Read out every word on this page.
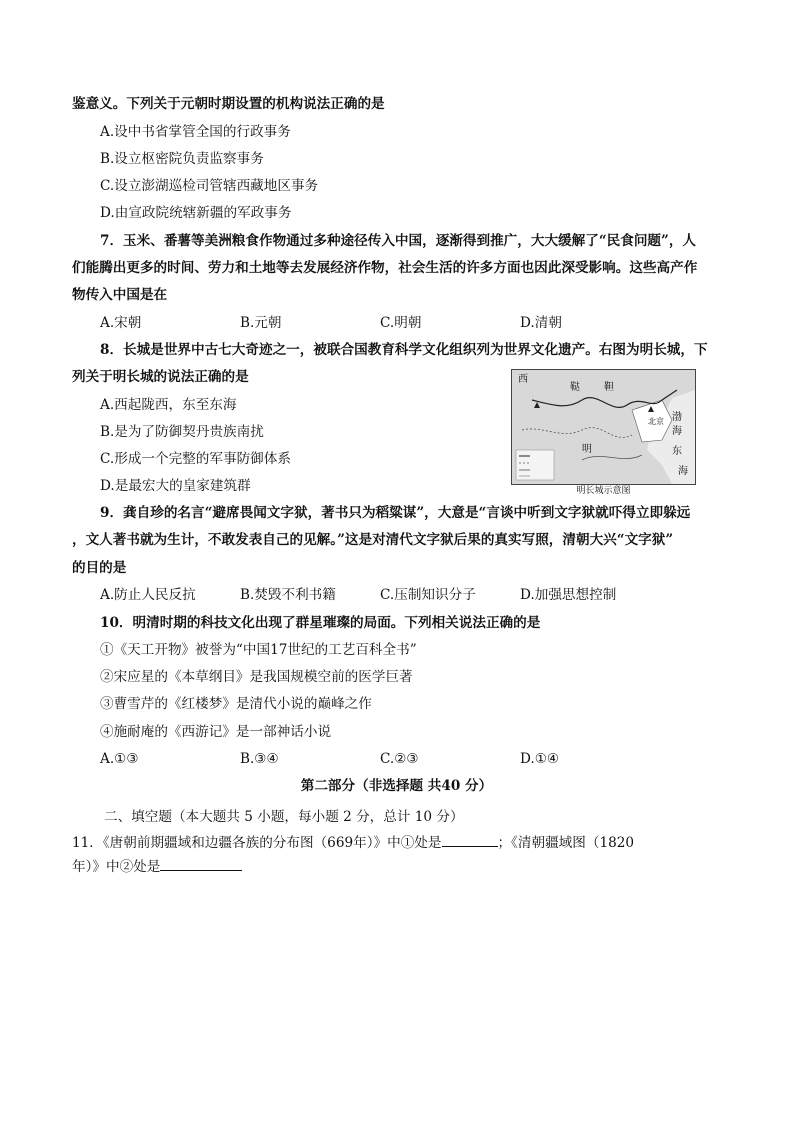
鉴意义。下列关于元朝时期设置的机构说法正确的是
A.设中书省掌管全国的行政事务
B.设立枢密院负责监察事务
C.设立澎湖巡检司管辖西藏地区事务
D.由宣政院统辖新疆的军政事务
7．玉米、番薯等美洲粮食作物通过多种途径传入中国，逐渐得到推广，大大缓解了“民食问题”，人
们能腾出更多的时间、劳力和土地等去发展经济作物，社会生活的许多方面也因此深受影响。这些高产作
物传入中国是在
A.宋朝	B.元朝	C.明朝	D.清朝
8．长城是世界中古七大奇迹之一，被联合国教育科学文化组织列为世界文化遗产。右图为明长城，下
列关于明长城的说法正确的是
A.西起陇西，东至东海
B.是为了防御契丹贵族南扰
C.形成一个完整的军事防御体系
D.是最宏大的皇家建筑群
西
鞑 靼
北京 渤
海
明	东
海
明长城示意图
9．龚自珍的名言“避席畏闻文字狱，著书只为稻粱谋”，大意是“言谈中听到文字狱就吓得立即躲远
，文人著书就为生计，不敢发表自己的见解。”这是对清代文字狱后果的真实写照，清朝大兴“文字狱”
的目的是
A.防止人民反抗	B.焚毁不利书籍	C.压制知识分子	D.加强思想控制
10．明清时期的科技文化出现了群星璀璨的局面。下列相关说法正确的是
①《天工开物》被誉为“中国17世纪的工艺百科全书”
②宋应星的《本草纲目》是我国规模空前的医学巨著
③曹雪芹的《红楼梦》是清代小说的巅峰之作
④施耐庵的《西游记》是一部神话小说
A.①③	B.③④	C.②③	D.①④
第二部分（非选择题 共40 分）
二、填空题（本大题共 5 小题，每小题 2 分，总计 10 分）
11．《唐朝前期疆域和边疆各族的分布图（669年）》中①处是	；《清朝疆域图（1820
年）》中②处是
